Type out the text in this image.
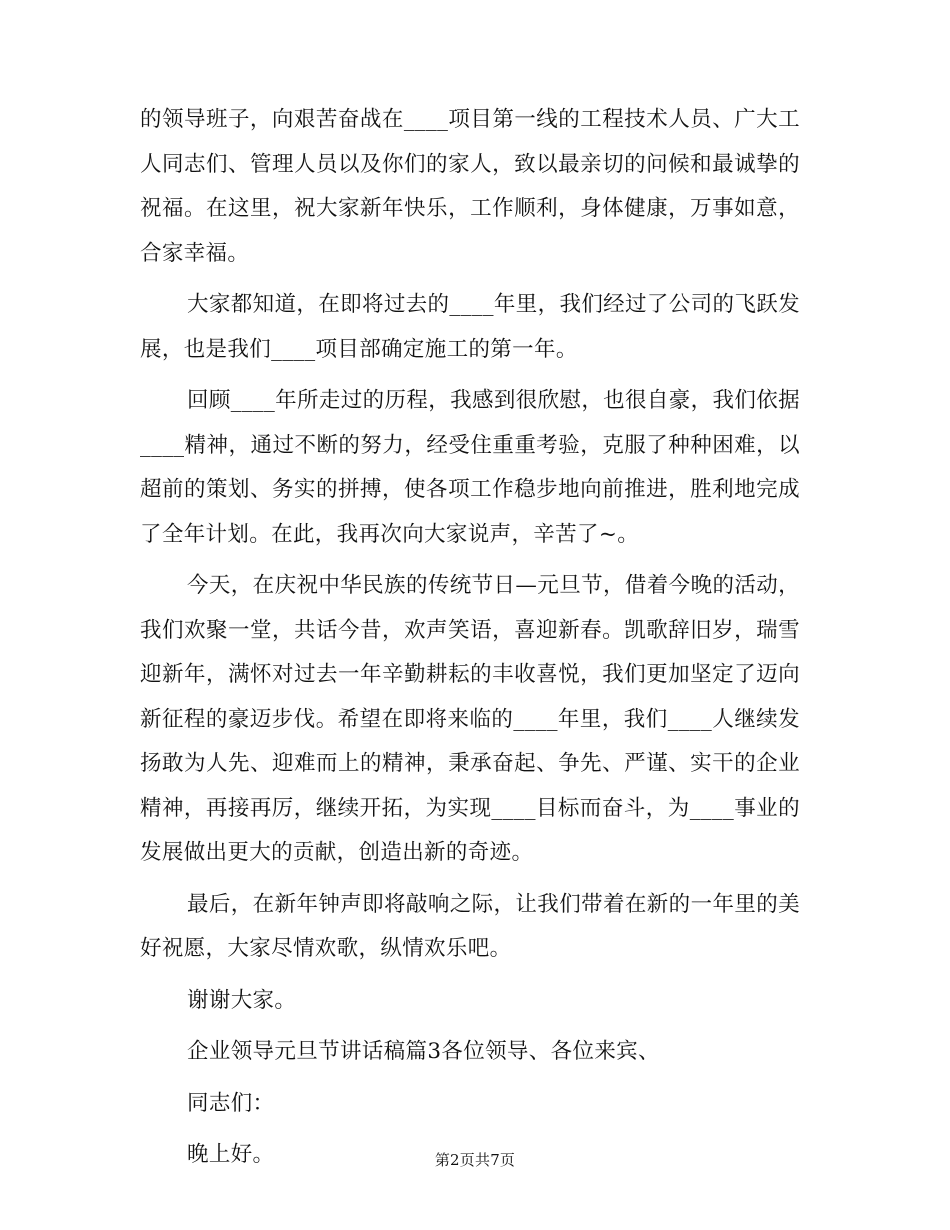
的领导班子，向艰苦奋战在____项目第一线的工程技术人员、广大工人同志们、管理人员以及你们的家人，致以最亲切的问候和最诚挚的祝福。在这里，祝大家新年快乐，工作顺利，身体健康，万事如意，合家幸福。

大家都知道，在即将过去的____年里，我们经过了公司的飞跃发展，也是我们____项目部确定施工的第一年。

回顾____年所走过的历程，我感到很欣慰，也很自豪，我们依据____精神，通过不断的努力，经受住重重考验，克服了种种困难，以超前的策划、务实的拼搏，使各项工作稳步地向前推进，胜利地完成了全年计划。在此，我再次向大家说声，辛苦了~。

今天，在庆祝中华民族的传统节日—元旦节，借着今晚的活动，我们欢聚一堂，共话今昔，欢声笑语，喜迎新春。凯歌辞旧岁，瑞雪迎新年，满怀对过去一年辛勤耕耘的丰收喜悦，我们更加坚定了迈向新征程的豪迈步伐。希望在即将来临的____年里，我们____人继续发扬敢为人先、迎难而上的精神，秉承奋起、争先、严谨、实干的企业精神，再接再厉，继续开拓，为实现____目标而奋斗，为____事业的发展做出更大的贡献，创造出新的奇迹。

最后，在新年钟声即将敲响之际，让我们带着在新的一年里的美好祝愿，大家尽情欢歌，纵情欢乐吧。

谢谢大家。

企业领导元旦节讲话稿篇3各位领导、各位来宾、

同志们：

晚上好。	第2页共7页
